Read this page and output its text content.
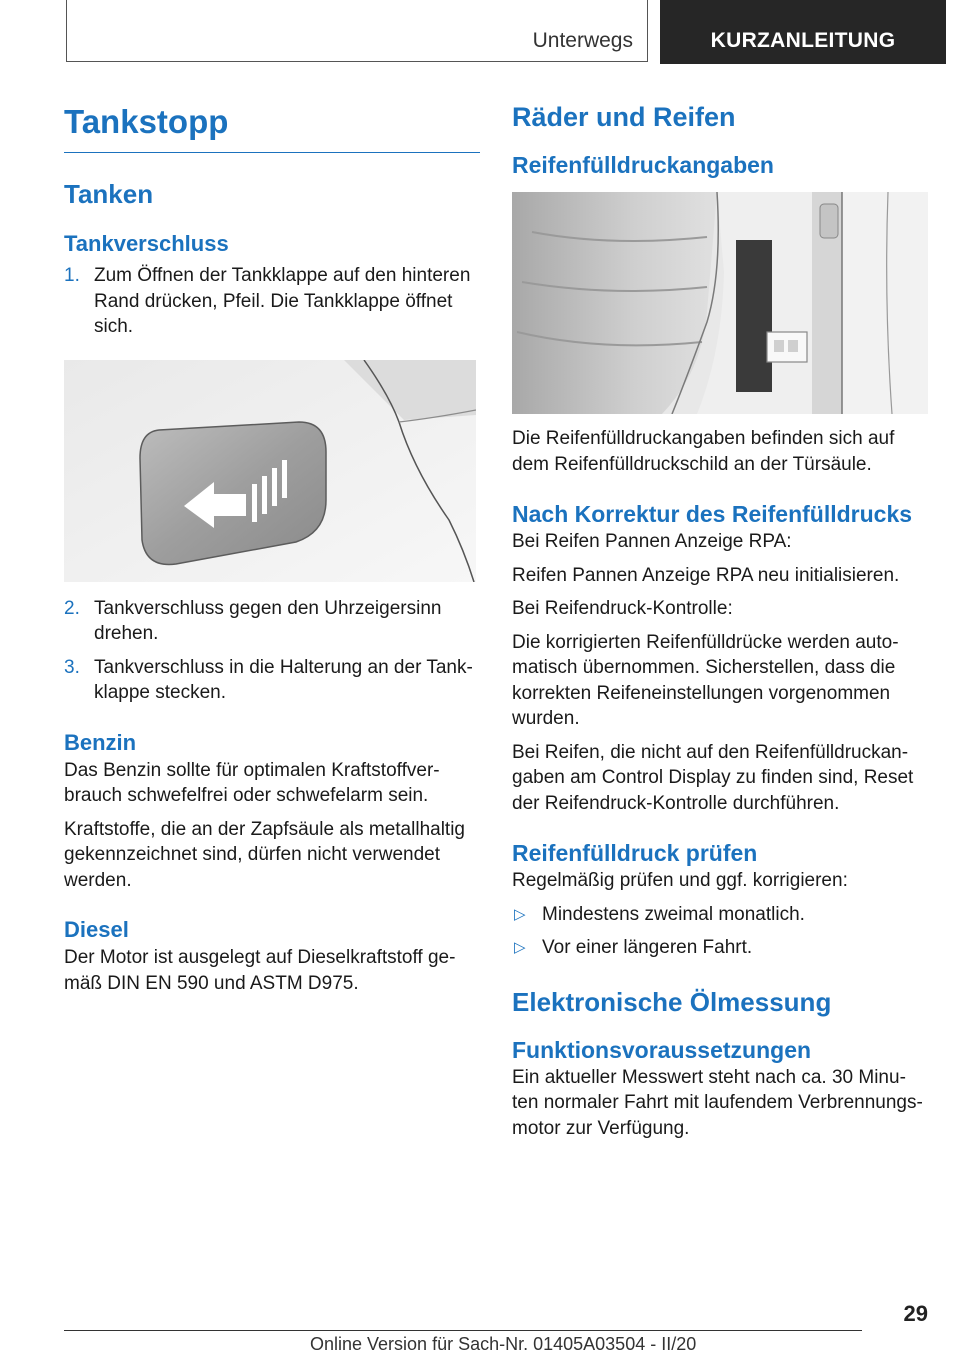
Unterwegs	KURZANLEITUNG
Tankstopp
Tanken
Tankverschluss
1. Zum Öffnen der Tankklappe auf den hinteren Rand drücken, Pfeil. Die Tankklappe öffnet sich.
2. Tankverschluss gegen den Uhrzeigersinn drehen.
3. Tankverschluss in die Halterung an der Tank-klappe stecken.
Benzin

Das Benzin sollte für optimalen Kraftstoffver-brauch schwefelfrei oder schwefelarm sein.

Kraftstoffe, die an der Zapfsäule als metallhaltig gekennzeichnet sind, dürfen nicht verwendet werden.

Diesel

Der Motor ist ausgelegt auf Dieselkraftstoff ge-mäß DIN EN 590 und ASTM D975.

Räder und Reifen
Reifenfülldruckangaben

Die Reifenfülldruckangaben befinden sich auf dem Reifenfülldruckschild an der Türsäule.

Nach Korrektur des Reifenfülldrucks

Bei Reifen Pannen Anzeige RPA:

Reifen Pannen Anzeige RPA neu initialisieren.

Bei Reifendruck-Kontrolle:

Die korrigierten Reifenfülldrücke werden auto-matisch übernommen. Sicherstellen, dass die korrekten Reifeneinstellungen vorgenommen wurden.

Bei Reifen, die nicht auf den Reifenfülldruckan-gaben am Control Display zu finden sind, Reset der Reifendruck-Kontrolle durchführen.

Reifenfülldruck prüfen

Regelmäßig prüfen und ggf. korrigieren:

▷ Mindestens zweimal monatlich.
▷ Vor einer längeren Fahrt.
Elektronische Ölmessung
Funktionsvoraussetzungen

Ein aktueller Messwert steht nach ca. 30 Minu-ten normaler Fahrt mit laufendem Verbrennungs-motor zur Verfügung.

29
Online Version für Sach-Nr. 01405A03504 - II/20
